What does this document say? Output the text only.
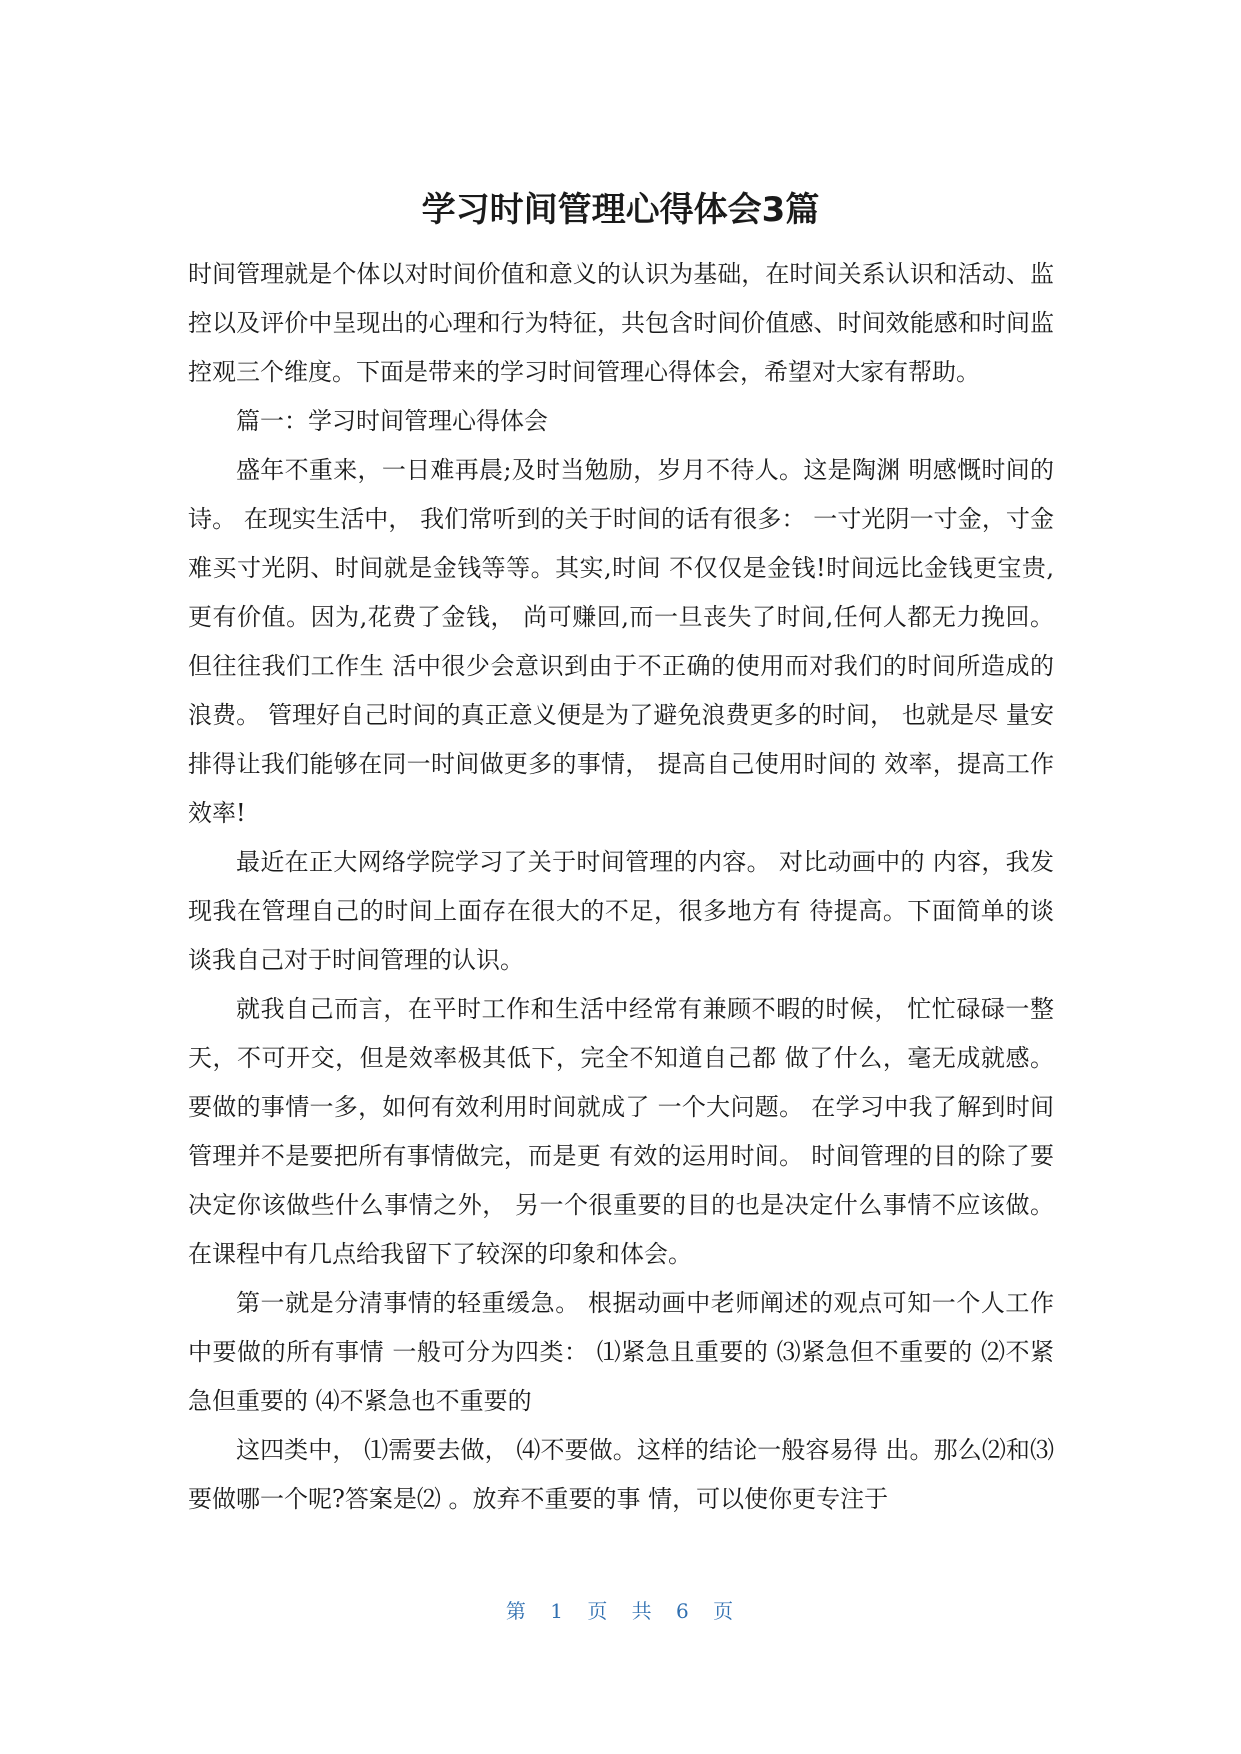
学习时间管理心得体会3篇

时间管理就是个体以对时间价值和意义的认识为基础，在时间关系认识和活动、监控以及评价中呈现出的心理和行为特征，共包含时间价值感、时间效能感和时间监控观三个维度。下面是带来的学习时间管理心得体会，希望对大家有帮助。

篇一：学习时间管理心得体会

盛年不重来，一日难再晨;及时当勉励，岁月不待人。这是陶渊 明感慨时间的诗。 在现实生活中， 我们常听到的关于时间的话有很多： 一寸光阴一寸金，寸金难买寸光阴、时间就是金钱等等。其实,时间 不仅仅是金钱!时间远比金钱更宝贵,更有价值。因为,花费了金钱， 尚可赚回,而一旦丧失了时间,任何人都无力挽回。 但往往我们工作生 活中很少会意识到由于不正确的使用而对我们的时间所造成的浪费。 管理好自己时间的真正意义便是为了避免浪费更多的时间， 也就是尽 量安排得让我们能够在同一时间做更多的事情， 提高自己使用时间的 效率，提高工作效率!

最近在正大网络学院学习了关于时间管理的内容。 对比动画中的 内容，我发现我在管理自己的时间上面存在很大的不足，很多地方有 待提高。下面简单的谈谈我自己对于时间管理的认识。

就我自己而言，在平时工作和生活中经常有兼顾不暇的时候， 忙忙碌碌一整天，不可开交，但是效率极其低下，完全不知道自己都 做了什么，毫无成就感。要做的事情一多，如何有效利用时间就成了 一个大问题。 在学习中我了解到时间管理并不是要把所有事情做完，而是更 有效的运用时间。 时间管理的目的除了要决定你该做些什么事情之外， 另一个很重要的目的也是决定什么事情不应该做。 在课程中有几点给我留下了较深的印象和体会。

第一就是分清事情的轻重缓急。 根据动画中老师阐述的观点可知一个人工作中要做的所有事情 一般可分为四类： ⑴紧急且重要的 ⑶紧急但不重要的 ⑵不紧急但重要的 ⑷不紧急也不重要的

这四类中， ⑴需要去做， ⑷不要做。这样的结论一般容易得 出。那么⑵和⑶要做哪一个呢?答案是⑵ 。放弃不重要的事 情，可以使你更专注于

第 1 页 共 6 页
